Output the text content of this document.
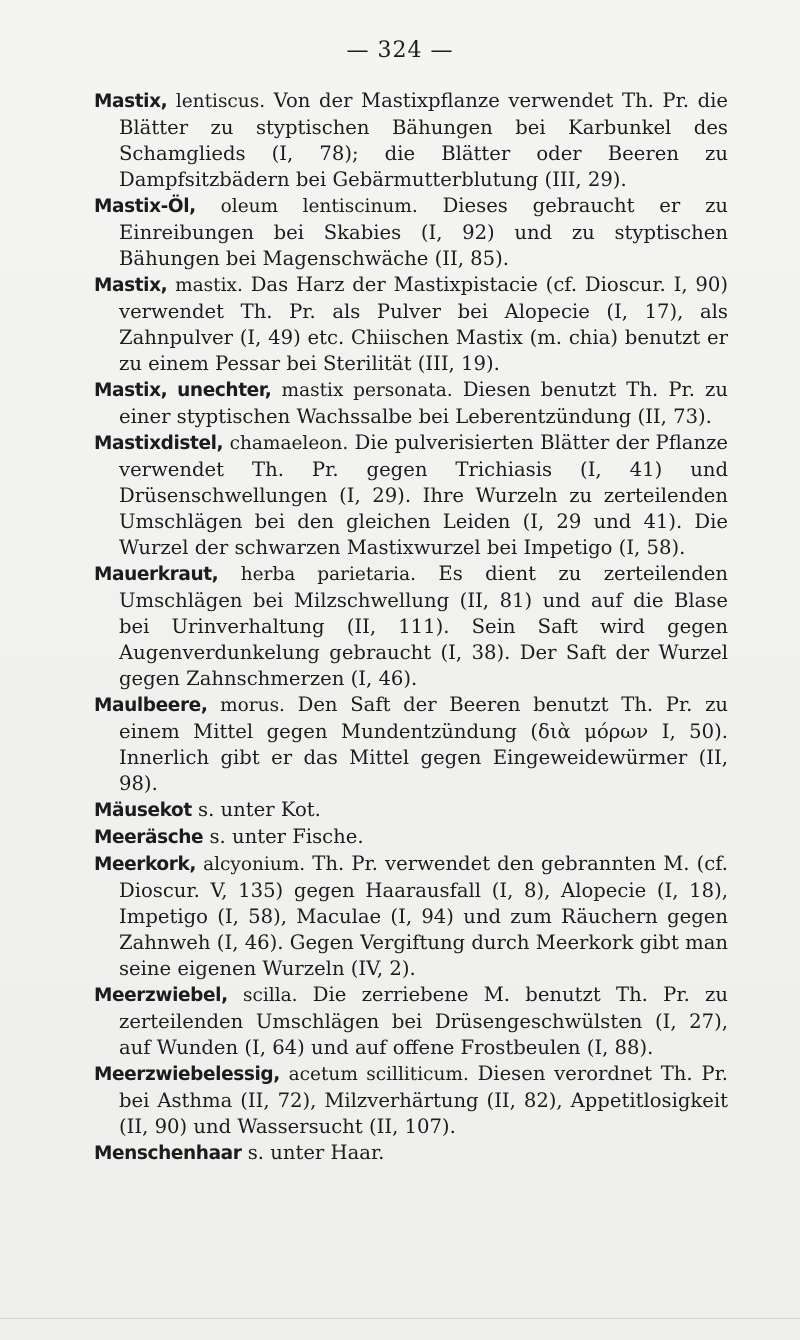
— 324 —

Mastix, lentiscus. Von der Mastixpflanze verwendet Th. Pr. die Blätter zu styptischen Bähungen bei Karbunkel des Schamglieds (I, 78); die Blätter oder Beeren zu Dampfsitzbädern bei Gebärmutterblutung (III, 29).

Mastix-Öl, oleum lentiscinum. Dieses gebraucht er zu Einreibungen bei Skabies (I, 92) und zu styptischen Bähungen bei Magenschwäche (II, 85).

Mastix, mastix. Das Harz der Mastixpistacie (cf. Dioscur. I, 90) verwendet Th. Pr. als Pulver bei Alopecie (I, 17), als Zahnpulver (I, 49) etc. Chiischen Mastix (m. chia) benutzt er zu einem Pessar bei Sterilität (III, 19).

Mastix, unechter, mastix personata. Diesen benutzt Th. Pr. zu einer styptischen Wachssalbe bei Leberentzündung (II, 73).

Mastixdistel, chamaeleon. Die pulverisierten Blätter der Pflanze verwendet Th. Pr. gegen Trichiasis (I, 41) und Drüsenschwellungen (I, 29). Ihre Wurzeln zu zerteilenden Umschlägen bei den gleichen Leiden (I, 29 und 41). Die Wurzel der schwarzen Mastixwurzel bei Impetigo (I, 58).

Mauerkraut, herba parietaria. Es dient zu zerteilenden Umschlägen bei Milzschwellung (II, 81) und auf die Blase bei Urinverhaltung (II, 111). Sein Saft wird gegen Augenverdunkelung gebraucht (I, 38). Der Saft der Wurzel gegen Zahnschmerzen (I, 46).

Maulbeere, morus. Den Saft der Beeren benutzt Th. Pr. zu einem Mittel gegen Mundentzündung (διὰ μόρων I, 50). Innerlich gibt er das Mittel gegen Eingeweidewürmer (II, 98).

Mäusekot s. unter Kot.

Meeräsche s. unter Fische.

Meerkork, alcyonium. Th. Pr. verwendet den gebrannten M. (cf. Dioscur. V, 135) gegen Haarausfall (I, 8), Alopecie (I, 18), Impetigo (I, 58), Maculae (I, 94) und zum Räuchern gegen Zahnweh (I, 46). Gegen Vergiftung durch Meerkork gibt man seine eigenen Wurzeln (IV, 2).

Meerzwiebel, scilla. Die zerriebene M. benutzt Th. Pr. zu zerteilenden Umschlägen bei Drüsengeschwülsten (I, 27), auf Wunden (I, 64) und auf offene Frostbeulen (I, 88).

Meerzwiebelessig, acetum scilliticum. Diesen verordnet Th. Pr. bei Asthma (II, 72), Milzverhärtung (II, 82), Appetitlosigkeit (II, 90) und Wassersucht (II, 107).

Menschenhaar s. unter Haar.
